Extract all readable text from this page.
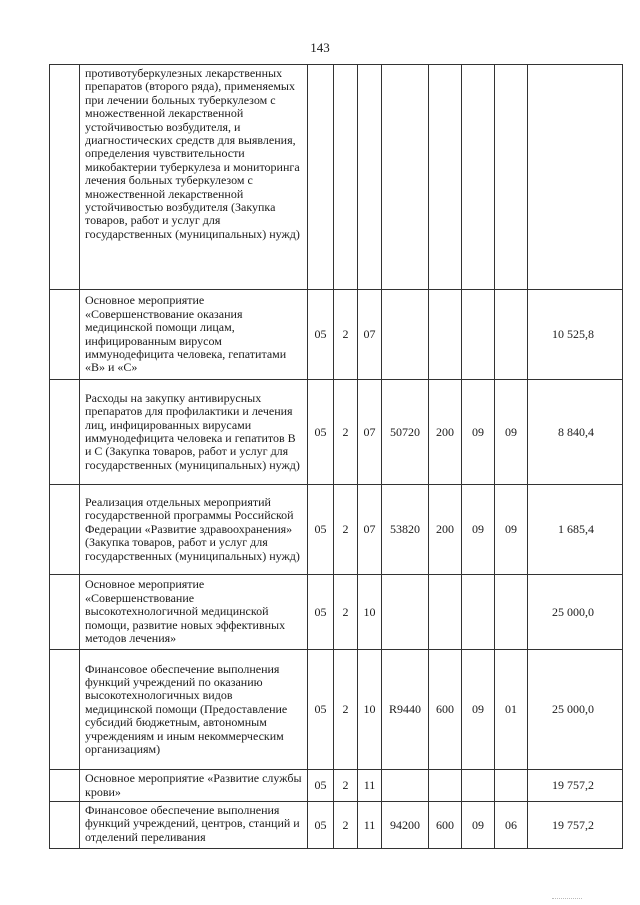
143
	противотуберкулезных лекарственных препаратов (второго ряда), применяемых при лечении больных туберкулезом с множественной лекарственной устойчивостью возбудителя, и диагностических средств для выявления, определения чувствительности микобактерии туберкулеза и мониторинга лечения больных туберкулезом с множественной лекарственной устойчивостью возбудителя (Закупка товаров, работ и услуг для государственных (муниципальных) нужд)								
	Основное мероприятие «Совершенствование оказания медицинской помощи лицам, инфицированным вирусом иммунодефицита человека, гепатитами «В» и «С»	05	2	07					10 525,8
	Расходы на закупку антивирусных препаратов для профилактики и лечения лиц, инфицированных вирусами иммунодефицита человека и гепатитов В и С (Закупка товаров, работ и услуг для государственных (муниципальных) нужд)	05	2	07	50720	200	09	09	8 840,4
	Реализация отдельных мероприятий государственной программы Российской Федерации «Развитие здравоохранения» (Закупка товаров, работ и услуг для государственных (муниципальных) нужд)	05	2	07	53820	200	09	09	1 685,4
	Основное мероприятие «Совершенствование высокотехнологичной медицинской помощи, развитие новых эффективных методов лечения»	05	2	10					25 000,0
	Финансовое обеспечение выполнения функций учреждений по оказанию высокотехнологичных видов медицинской помощи (Предоставление субсидий бюджетным, автономным учреждениям и иным некоммерческим организациям)	05	2	10	R9440	600	09	01	25 000,0
	Основное мероприятие «Развитие службы крови»	05	2	11					19 757,2
	Финансовое обеспечение выполнения функций учреждений, центров, станций и отделений переливания	05	2	11	94200	600	09	06	19 757,2
